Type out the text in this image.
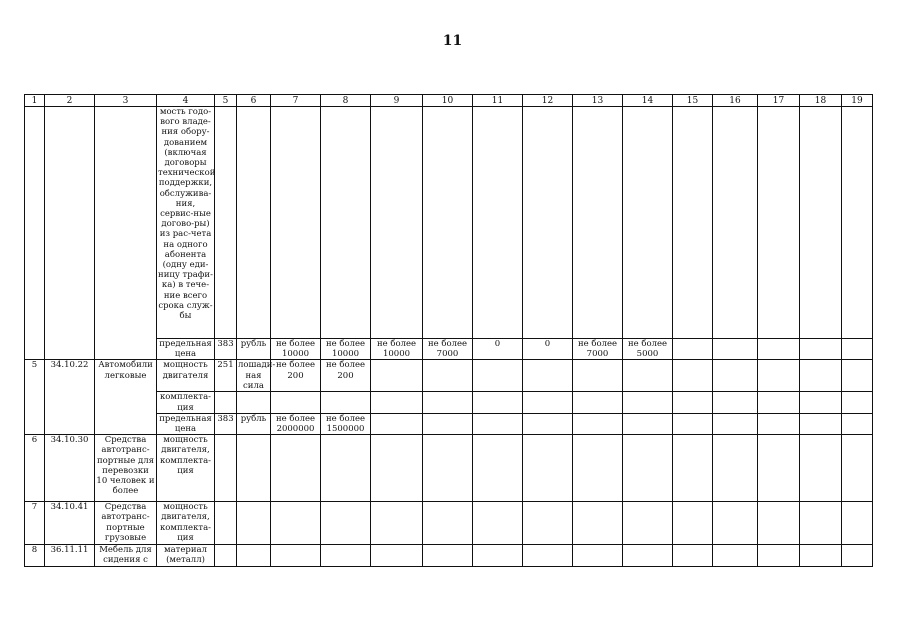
11
1	2	3	4	5	6	7	8	9	10	11	12	13	14	15	16	17	18	19
			мость годо-вого владе-ния обору-дованием (включая договоры технической поддержки, обслужива-ния, сервис-ные догово-ры) из рас-чета на одного абонента (одну еди-ницу трафи-ка) в тече-ние всего срока служ-бы															
			предельная цена	383	рубль	не более 10000	не более 10000	не более 10000	не более 7000	0	0	не более 7000	не более 5000					
5	34.10.22	Автомобили легковые	мощность двигателя	251	лошади-ная сила	не более 200	не более 200											
			комплекта-ция															
			предельная цена	383	рубль	не более 2000000	не более 1500000											
6	34.10.30	Средства автотранс-портные для перевозки 10 человек и более	мощность двигателя, комплекта-ция															
7	34.10.41	Средства автотранс-портные грузовые	мощность двигателя, комплекта-ция															
8	36.11.11	Мебель для сидения с	материал (металл)															
